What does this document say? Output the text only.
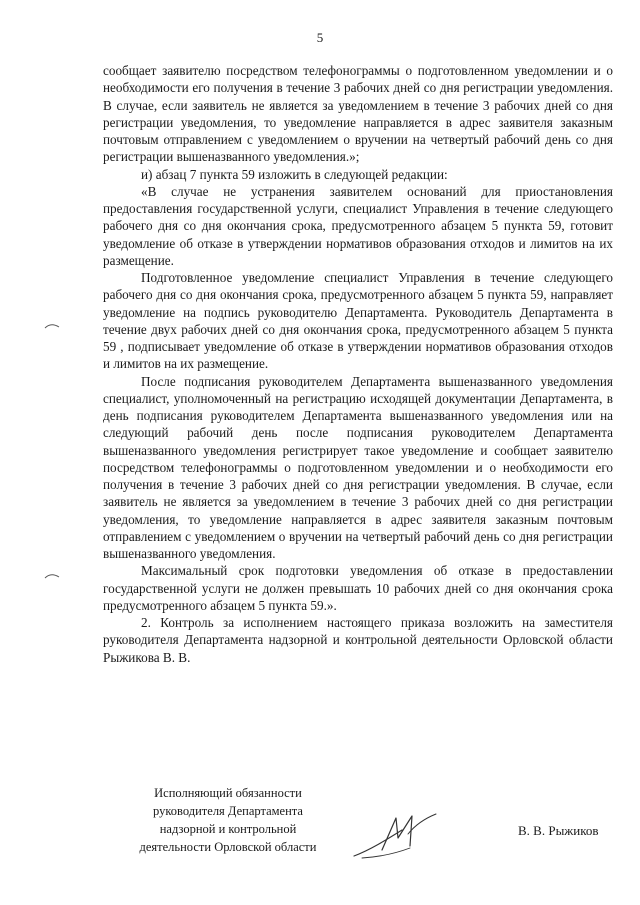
5

сообщает заявителю посредством телефонограммы о подготовленном уведомлении и о необходимости его получения в течение 3 рабочих дней со дня регистрации уведомления. В случае, если заявитель не является за уведомлением в течение 3 рабочих дней со дня регистрации уведомления, то уведомление направляется в адрес заявителя заказным почтовым отправлением с уведомлением о вручении на четвертый рабочий день со дня регистрации вышеназванного уведомления.»;

и) абзац 7 пункта 59 изложить в следующей редакции:

«В случае не устранения заявителем оснований для приостановления предоставления государственной услуги, специалист Управления в течение следующего рабочего дня со дня окончания срока, предусмотренного абзацем 5 пункта 59, готовит уведомление об отказе в утверждении нормативов образования отходов и лимитов на их размещение.

Подготовленное уведомление специалист Управления в течение следующего рабочего дня со дня окончания срока, предусмотренного абзацем 5 пункта 59, направляет уведомление на подпись руководителю Департамента. Руководитель Департамента в течение двух рабочих дней со дня окончания срока, предусмотренного абзацем 5 пункта 59 , подписывает уведомление об отказе в утверждении нормативов образования отходов и лимитов на их размещение.

После подписания руководителем Департамента вышеназванного уведомления специалист, уполномоченный на регистрацию исходящей документации Департамента, в день подписания руководителем Департамента вышеназванного уведомления или на следующий рабочий день после подписания руководителем Департамента вышеназванного уведомления регистрирует такое уведомление и сообщает заявителю посредством телефонограммы о подготовленном уведомлении и о необходимости его получения в течение 3 рабочих дней со дня регистрации уведомления. В случае, если заявитель не является за уведомлением в течение 3 рабочих дней со дня регистрации уведомления, то уведомление направляется в адрес заявителя заказным почтовым отправлением с уведомлением о вручении на четвертый рабочий день со дня регистрации вышеназванного уведомления.

Максимальный срок подготовки уведомления об отказе в предоставлении государственной услуги не должен превышать 10 рабочих дней со дня окончания срока предусмотренного абзацем 5 пункта 59.».

2. Контроль за исполнением настоящего приказа возложить на заместителя руководителя Департамента надзорной и контрольной деятельности Орловской области Рыжикова В. В.

Исполняющий обязанности
руководителя Департамента
надзорной и контрольной
деятельности Орловской области
В. В. Рыжиков
